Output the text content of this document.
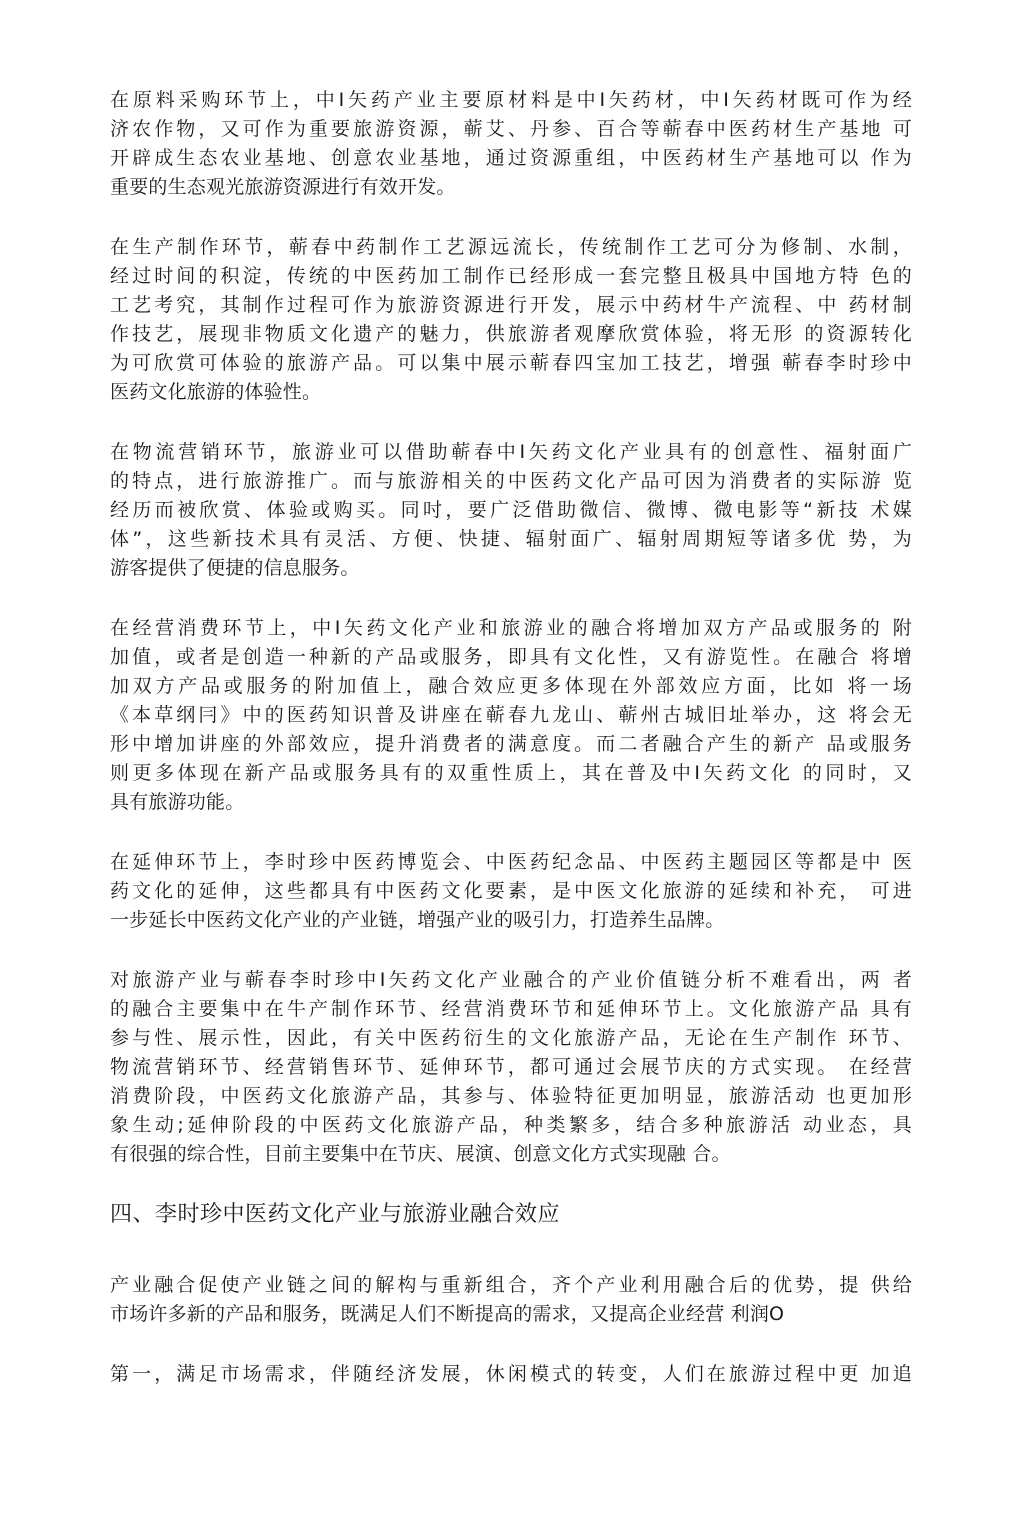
在原料采购环节上，中I矢药产业主要原材料是中I矢药材，中I矢药材既可作为经
济农作物，又可作为重要旅游资源，蕲艾、丹参、百合等蕲春中医药材生产基地 可
开辟成生态农业基地、创意农业基地，通过资源重组，中医药材生产基地可以 作为
重要的生态观光旅游资源进行有效开发。
在生产制作环节，蕲春中药制作工艺源远流长，传统制作工艺可分为修制、水制，
经过时间的积淀，传统的中医药加工制作已经形成一套完整且极具中国地方特 色的
工艺考究，其制作过程可作为旅游资源进行开发，展示中药材牛产流程、中 药材制
作技艺，展现非物质文化遗产的魅力，供旅游者观摩欣赏体验，将无形 的资源转化
为可欣赏可体验的旅游产品。可以集中展示蕲春四宝加工技艺，增强 蕲春李时珍中
医药文化旅游的体验性。
在物流营销环节，旅游业可以借助蕲春中I矢药文化产业具有的创意性、福射面广
的特点，进行旅游推广。而与旅游相关的中医药文化产品可因为消费者的实际游 览
经历而被欣赏、体验或购买。同吋，要广泛借助微信、微博、微电影等“新技 术媒
体”，这些新技术具有灵活、方便、快捷、辐射面广、辐射周期短等诸多优 势，为
游客提供了便捷的信息服务。
在经营消费环节上，中I矢药文化产业和旅游业的融合将增加双方产品或服务的 附
加值，或者是创造一种新的产品或服务，即具有文化性，又有游览性。在融合 将增
加双方产品或服务的附加值上，融合效应更多体现在外部效应方面，比如 将一场
《本草纲冃》中的医药知识普及讲座在蕲春九龙山、蕲州古城旧址举办，这 将会无
形中增加讲座的外部效应，提升消费者的满意度。而二者融合产生的新产 品或服务
则更多体现在新产品或服务具有的双重性质上，其在普及中I矢药文化 的同时，又
具有旅游功能。
在延伸环节上，李时珍中医药博览会、中医药纪念品、中医药主题园区等都是中 医
药文化的延伸，这些都具有中医药文化要素，是中医文化旅游的延续和补充， 可进
一步延长中医药文化产业的产业链，增强产业的吸引力，打造养生品牌。
对旅游产业与蕲春李时珍中I矢药文化产业融合的产业价值链分析不难看出，两 者
的融合主要集中在牛产制作环节、经营消费环节和延伸环节上。文化旅游产品 具有
参与性、展示性，因此，有关中医药衍生的文化旅游产品，无论在生产制作 环节、
物流营销环节、经营销售环节、延伸环节，都可通过会展节庆的方式实现。 在经营
消费阶段，中医药文化旅游产品，其参与、体验特征更加明显，旅游活动 也更加形
象生动;延伸阶段的中医药文化旅游产品，种类繁多，结合多种旅游活 动业态，具
有很强的综合性，目前主要集中在节庆、展演、创意文化方式实现融 合。
四、李时珍中医药文化产业与旅游业融合效应
产业融合促使产业链之间的解构与重新组合，齐个产业利用融合后的优势，提 供给
市场许多新的产品和服务，既满足人们不断提高的需求，又提高企业经营 利润O
第一，满足市场需求，伴随经济发展，休闲模式的转变，人们在旅游过程中更 加追
